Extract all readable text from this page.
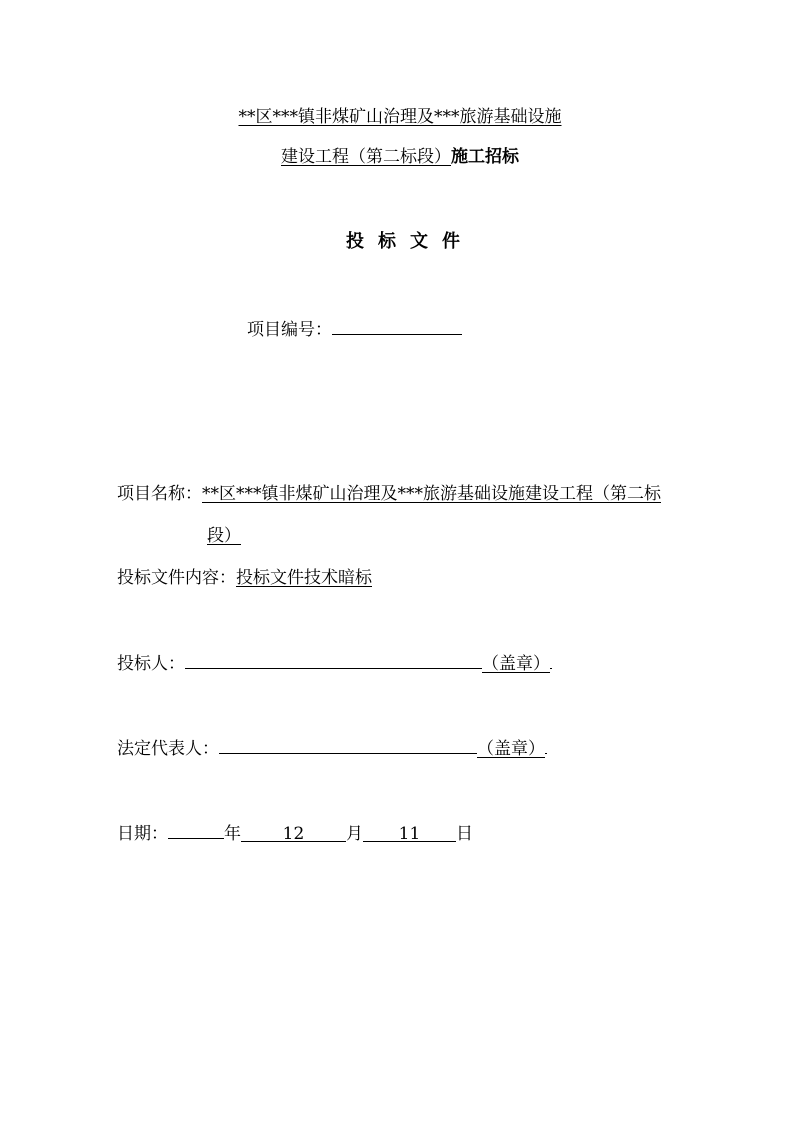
**区***镇非煤矿山治理及***旅游基础设施
建设工程（第二标段）施工招标
投标文件
项目编号：
项目名称：**区***镇非煤矿山治理及***旅游基础设施建设工程（第二标
段）
投标文件内容：投标文件技术暗标
投标人：	（盖章）
法定代表人：	（盖章）
日期：	年 12 月 11 日
